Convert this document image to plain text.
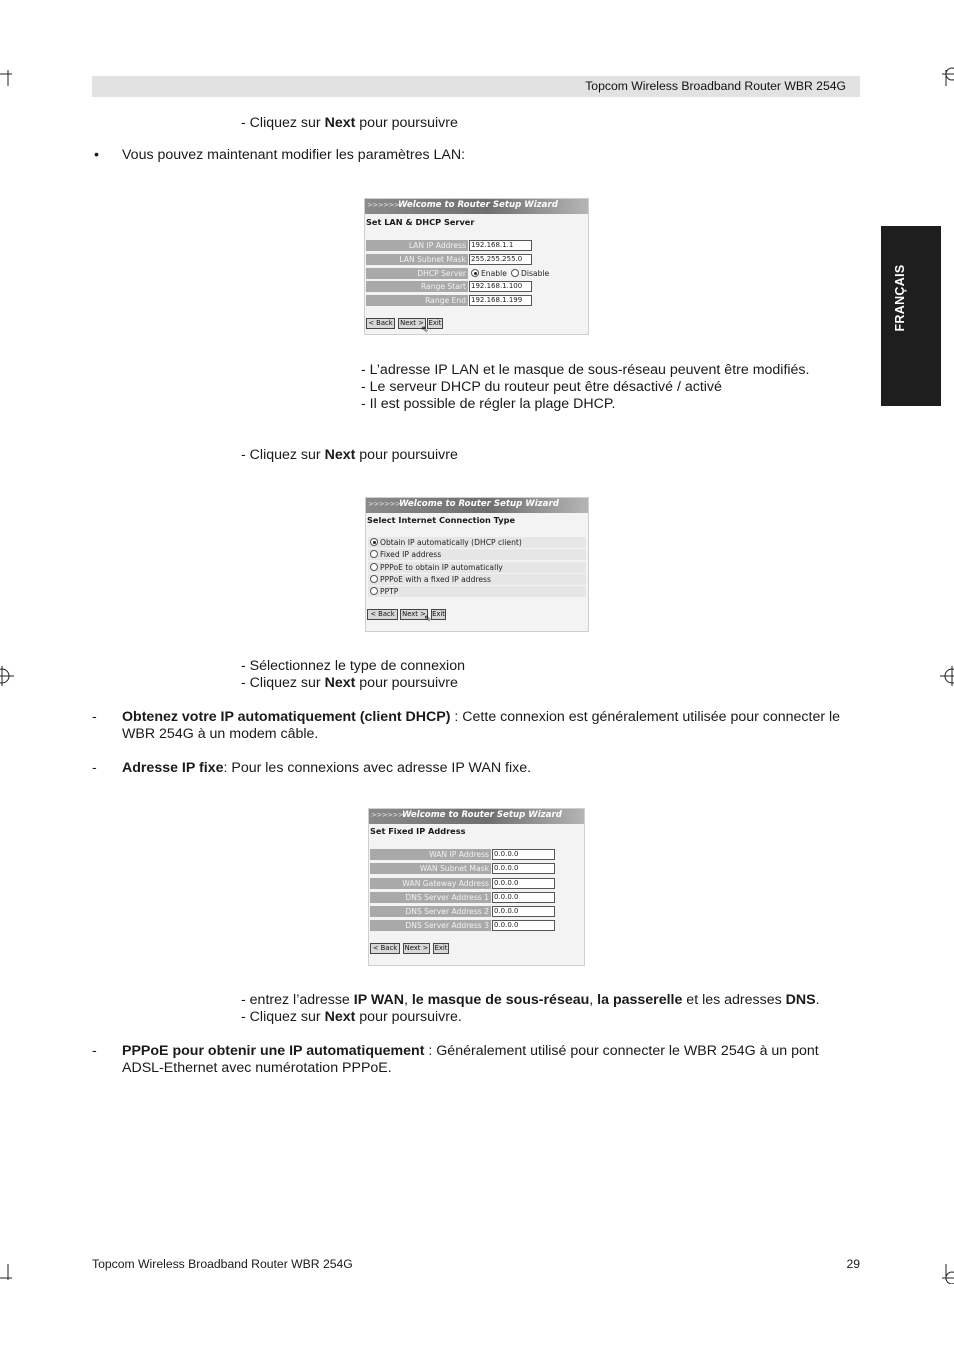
Topcom Wireless Broadband Router WBR 254G
FRANÇAIS
- Cliquez sur Next pour poursuivre
• Vous pouvez maintenant modifier les paramètres LAN:
>>>>>>
Welcome to Router Setup Wizard
Set LAN & DHCP Server
LAN IP Address 192.168.1.1
LAN Subnet Mask 255.255.255.0
DHCP Server	Enable	Disable
Range Start 192.168.1.100
Range End 192.168.1.199
< Back	Next > Exit
⇖
- L’adresse IP LAN et le masque de sous-réseau peuvent être modifiés.
- Le serveur DHCP du routeur peut être désactivé / activé
- Il est possible de régler la plage DHCP.
- Cliquez sur Next pour poursuivre
>>>>>>
Welcome to Router Setup Wizard
Select Internet Connection Type
Obtain IP automatically (DHCP client)
Fixed IP address
PPPoE to obtain IP automatically
PPPoE with a fixed IP address
PPTP
< Back	Next > Exit
⇖
- Sélectionnez le type de connexion
- Cliquez sur Next pour poursuivre
- Obtenez votre IP automatiquement (client DHCP) : Cette connexion est généralement utilisée pour connecter le WBR 254G à un modem câble.
- Adresse IP fixe: Pour les connexions avec adresse IP WAN fixe.
>>>>>>
Welcome to Router Setup Wizard
Set Fixed IP Address
WAN IP Address 0.0.0.0
WAN Subnet Mask 0.0.0.0
WAN Gateway Address 0.0.0.0
DNS Server Address 1 0.0.0.0
DNS Server Address 2 0.0.0.0
DNS Server Address 3 0.0.0.0
< Back	Next > Exit
- entrez l’adresse IP WAN, le masque de sous-réseau, la passerelle et les adresses DNS.
- Cliquez sur Next pour poursuivre.
- PPPoE pour obtenir une IP automatiquement : Généralement utilisé pour connecter le WBR 254G à un pont ADSL-Ethernet avec numérotation PPPoE.
Topcom Wireless Broadband Router WBR 254G	29
